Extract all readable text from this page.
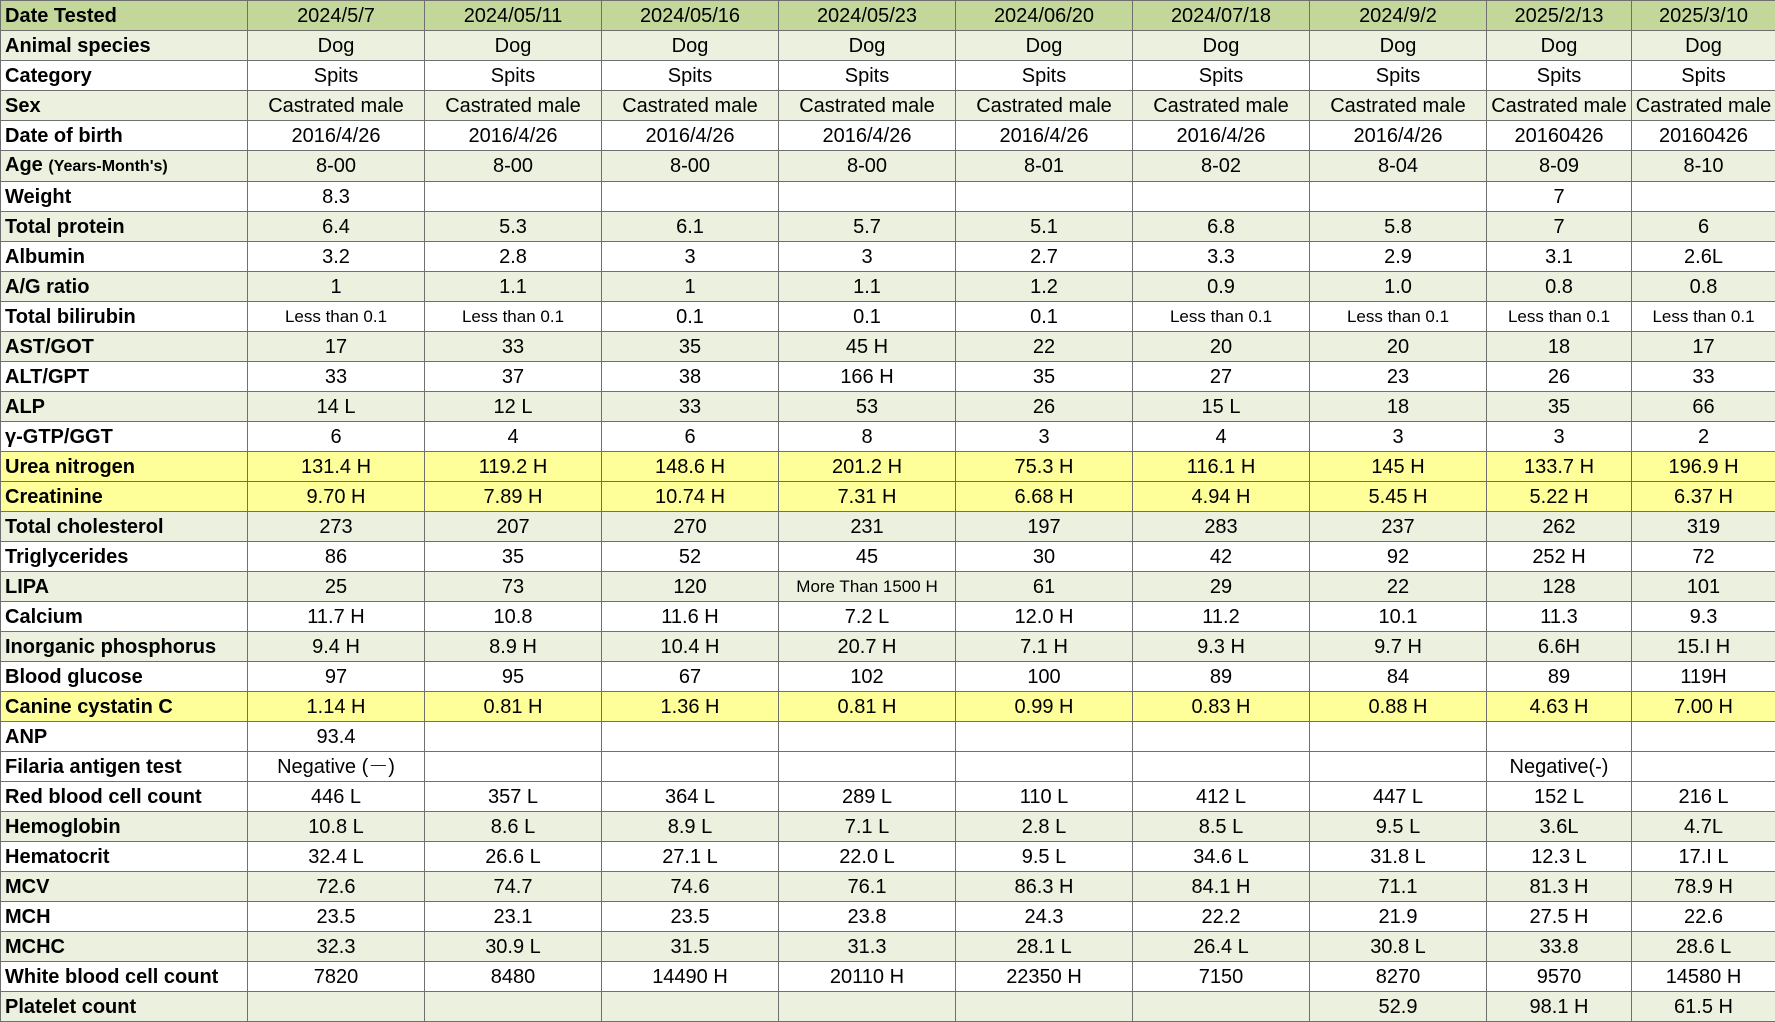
Date Tested	2024/5/7	2024/05/11	2024/05/16	2024/05/23	2024/06/20	2024/07/18	2024/9/2	2025/2/13	2025/3/10
Animal species	Dog	Dog	Dog	Dog	Dog	Dog	Dog	Dog	Dog
Category	Spits	Spits	Spits	Spits	Spits	Spits	Spits	Spits	Spits
Sex	Castrated male	Castrated male	Castrated male	Castrated male	Castrated male	Castrated male	Castrated male	Castrated male	Castrated male
Date of birth	2016/4/26	2016/4/26	2016/4/26	2016/4/26	2016/4/26	2016/4/26	2016/4/26	20160426	20160426
Age (Years-Month's)	8-00	8-00	8-00	8-00	8-01	8-02	8-04	8-09	8-10
Weight	8.3							7	
Total protein	6.4	5.3	6.1	5.7	5.1	6.8	5.8	7	6
Albumin	3.2	2.8	3	3	2.7	3.3	2.9	3.1	2.6L
A/G ratio	1	1.1	1	1.1	1.2	0.9	1.0	0.8	0.8
Total bilirubin	Less than 0.1	Less than 0.1	0.1	0.1	0.1	Less than 0.1	Less than 0.1	Less than 0.1	Less than 0.1
AST/GOT	17	33	35	45 H	22	20	20	18	17
ALT/GPT	33	37	38	166 H	35	27	23	26	33
ALP	14 L	12 L	33	53	26	15 L	18	35	66
γ-GTP/GGT	6	4	6	8	3	4	3	3	2
Urea nitrogen	131.4 H	119.2 H	148.6 H	201.2 H	75.3 H	116.1 H	145 H	133.7 H	196.9 H
Creatinine	9.70 H	7.89 H	10.74 H	7.31 H	6.68 H	4.94 H	5.45 H	5.22 H	6.37 H
Total cholesterol	273	207	270	231	197	283	237	262	319
Triglycerides	86	35	52	45	30	42	92	252 H	72
LIPA	25	73	120	More Than 1500 H	61	29	22	128	101
Calcium	11.7 H	10.8	11.6 H	7.2 L	12.0 H	11.2	10.1	11.3	9.3
Inorganic phosphorus	9.4 H	8.9 H	10.4 H	20.7 H	7.1 H	9.3 H	9.7 H	6.6H	15.I H
Blood glucose	97	95	67	102	100	89	84	89	119H
Canine cystatin C	1.14 H	0.81 H	1.36 H	0.81 H	0.99 H	0.83 H	0.88 H	4.63 H	7.00 H
ANP	93.4								
Filaria antigen test	Negative (－)							Negative(-)	
Red blood cell count	446 L	357 L	364 L	289 L	110 L	412 L	447 L	152 L	216 L
Hemoglobin	10.8 L	8.6 L	8.9 L	7.1 L	2.8 L	8.5 L	9.5 L	3.6L	4.7L
Hematocrit	32.4 L	26.6 L	27.1 L	22.0 L	9.5 L	34.6 L	31.8 L	12.3 L	17.I L
MCV	72.6	74.7	74.6	76.1	86.3 H	84.1 H	71.1	81.3 H	78.9 H
MCH	23.5	23.1	23.5	23.8	24.3	22.2	21.9	27.5 H	22.6
MCHC	32.3	30.9 L	31.5	31.3	28.1 L	26.4 L	30.8 L	33.8	28.6 L
White blood cell count	7820	8480	14490 H	20110 H	22350 H	7150	8270	9570	14580 H
Platelet count							52.9	98.1 H	61.5 H
